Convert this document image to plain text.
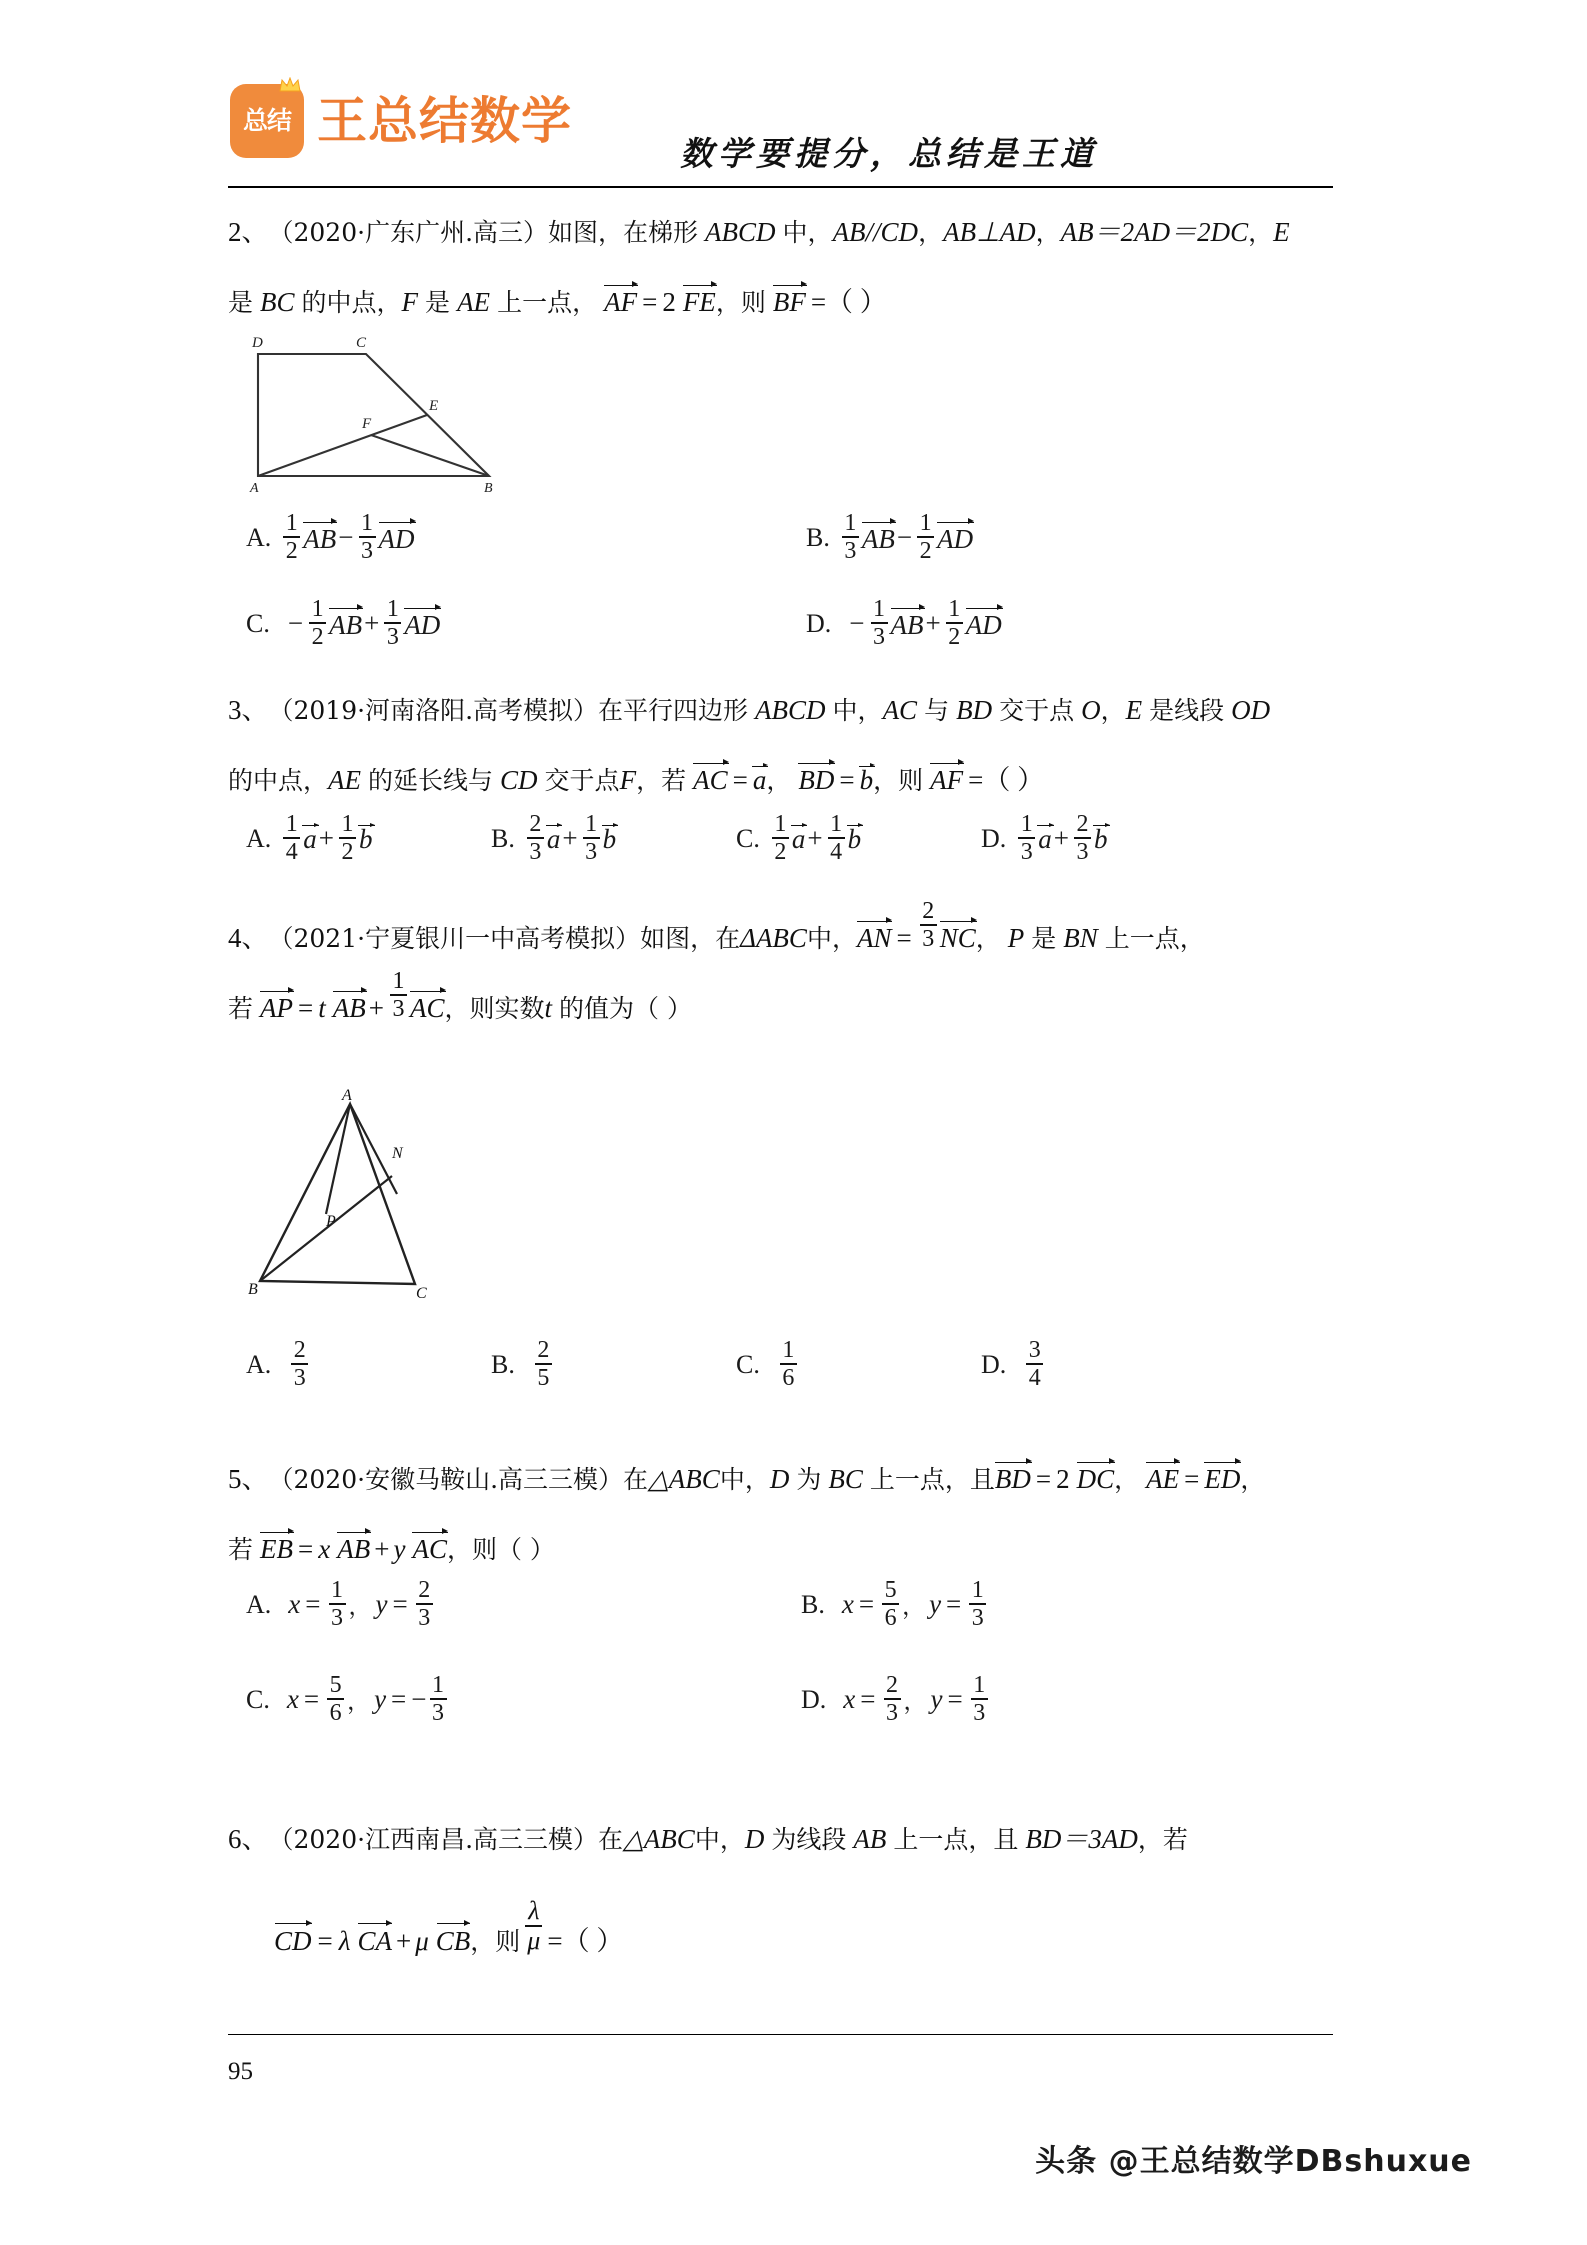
总结 王总结数学
数学要提分，总结是王道
2、 （2020·广东广州.高三） 如图，在梯形 ABCD 中， AB//CD ， AB⊥AD ， AB＝2AD＝2DC ， E
是 BC 的中点， F 是 AE 上一点， AF = 2 FE ，则 BF =（ ）
D	C
A	B
E
F
A. $\frac{1}{2}$ AB − $\frac{1}{3}$ AD	B. $\frac{1}{3}$ AB − $\frac{1}{2}$ AD
C. − $\frac{1}{2}$ AB + $\frac{1}{3}$ AD	D. − $\frac{1}{3}$ AB + $\frac{1}{2}$ AD
3、 （2019·河南洛阳.高考模拟） 在平行四边形 ABCD 中， AC 与 BD 交于点 O ， E 是线段 OD
的中点， AE 的延长线与 CD 交于点 F ，若 AC = a ， BD = b ，则 AF =（ ）
A. $\frac{1}{4}$ $a + \frac{1}{2}$ b	B. $\frac{2}{3}$ $a + \frac{1}{3}$ b	C. $\frac{1}{2}$ $a + \frac{1}{4}$ b	D. $\frac{1}{3}$ $a + \frac{2}{3}$ b
4、 （2021·宁夏银川一中高考模拟） 如图，在 ΔABC 中， AN = $\frac{2}{3}$ NC ， P 是 BN 上一点，
若 AP = t AB + $\frac{1}{3}$ AC ，则实数 t 的值为（ ）
A
B	C
N
P
A. $\frac{2}{3}$	B. $\frac{2}{5}$	C. $\frac{1}{6}$	D. $\frac{3}{4}$
5、 （2020·安徽马鞍山.高三三模） 在 △ABC 中， D 为 BC 上一点，且 BD = 2 DC ， AE = ED ，
若 EB = x AB + y AC ，则（ ）
A. $x = \frac{1}{3}$ ， $y = \frac{2}{3}$	B. $x = \frac{5}{6}$ ， $y = \frac{1}{3}$
C. $x = \frac{5}{6}$ ， y = − $\frac{1}{3}$	D. $x = \frac{2}{3}$ ， $y = \frac{1}{3}$
6、 （2020·江西南昌.高三三模） 在 △ABC 中， D 为线段 AB 上一点，且 BD＝3AD ，若
CD = λ CA + μ CB ，则 $\frac{\lambda}{\mu}$ =（ ）
95
头条 @王总结数学DBshuxue
